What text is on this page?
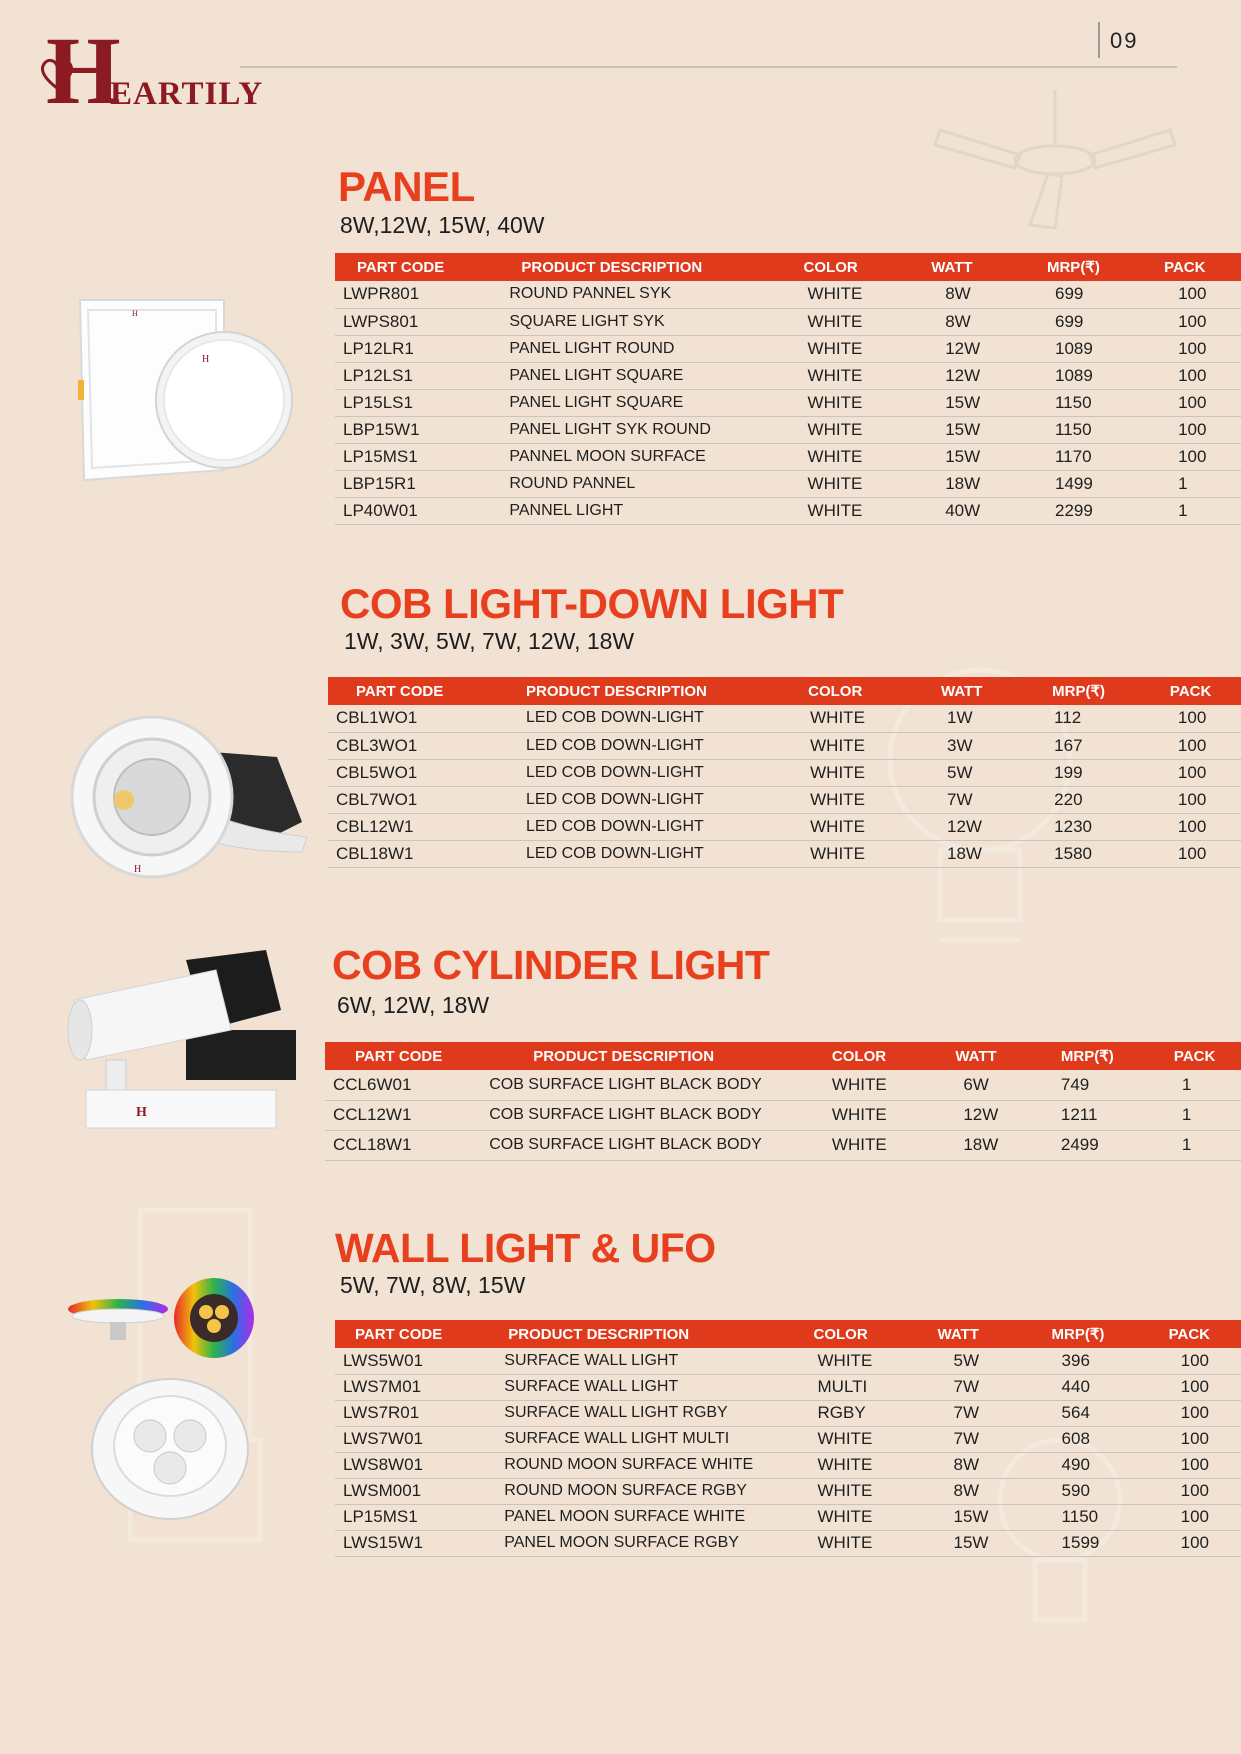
H
EARTILY
09
PANEL
8W,12W, 15W, 40W
H
H
PART CODE	PRODUCT DESCRIPTION	COLOR	WATT	MRP(₹)	PACK
LWPR801	ROUND PANNEL SYK	WHITE	8W	699	100
LWPS801	SQUARE LIGHT SYK	WHITE	8W	699	100
LP12LR1	PANEL LIGHT ROUND	WHITE	12W	1089	100
LP12LS1	PANEL LIGHT SQUARE	WHITE	12W	1089	100
LP15LS1	PANEL LIGHT SQUARE	WHITE	15W	1150	100
LBP15W1	PANEL LIGHT SYK ROUND	WHITE	15W	1150	100
LP15MS1	PANNEL MOON SURFACE	WHITE	15W	1170	100
LBP15R1	ROUND PANNEL	WHITE	18W	1499	1
LP40W01	PANNEL LIGHT	WHITE	40W	2299	1
COB LIGHT-DOWN LIGHT
1W, 3W, 5W, 7W, 12W, 18W
H
PART CODE	PRODUCT DESCRIPTION	COLOR	WATT	MRP(₹)	PACK
CBL1WO1	LED COB DOWN-LIGHT	WHITE	1W	112	100
CBL3WO1	LED COB DOWN-LIGHT	WHITE	3W	167	100
CBL5WO1	LED COB DOWN-LIGHT	WHITE	5W	199	100
CBL7WO1	LED COB DOWN-LIGHT	WHITE	7W	220	100
CBL12W1	LED COB DOWN-LIGHT	WHITE	12W	1230	100
CBL18W1	LED COB DOWN-LIGHT	WHITE	18W	1580	100
COB CYLINDER LIGHT
6W, 12W, 18W
H
PART CODE	PRODUCT DESCRIPTION	COLOR	WATT	MRP(₹)	PACK
CCL6W01	COB SURFACE LIGHT BLACK BODY	WHITE	6W	749	1
CCL12W1	COB SURFACE LIGHT BLACK BODY	WHITE	12W	1211	1
CCL18W1	COB SURFACE LIGHT BLACK BODY	WHITE	18W	2499	1
WALL LIGHT & UFO
5W, 7W, 8W, 15W
PART CODE	PRODUCT DESCRIPTION	COLOR	WATT	MRP(₹)	PACK
LWS5W01	SURFACE WALL LIGHT	WHITE	5W	396	100
LWS7M01	SURFACE WALL LIGHT	MULTI	7W	440	100
LWS7R01	SURFACE WALL LIGHT RGBY	RGBY	7W	564	100
LWS7W01	SURFACE WALL LIGHT MULTI	WHITE	7W	608	100
LWS8W01	ROUND MOON SURFACE WHITE	WHITE	8W	490	100
LWSM001	ROUND MOON SURFACE RGBY	WHITE	8W	590	100
LP15MS1	PANEL MOON SURFACE WHITE	WHITE	15W	1150	100
LWS15W1	PANEL MOON SURFACE RGBY	WHITE	15W	1599	100
